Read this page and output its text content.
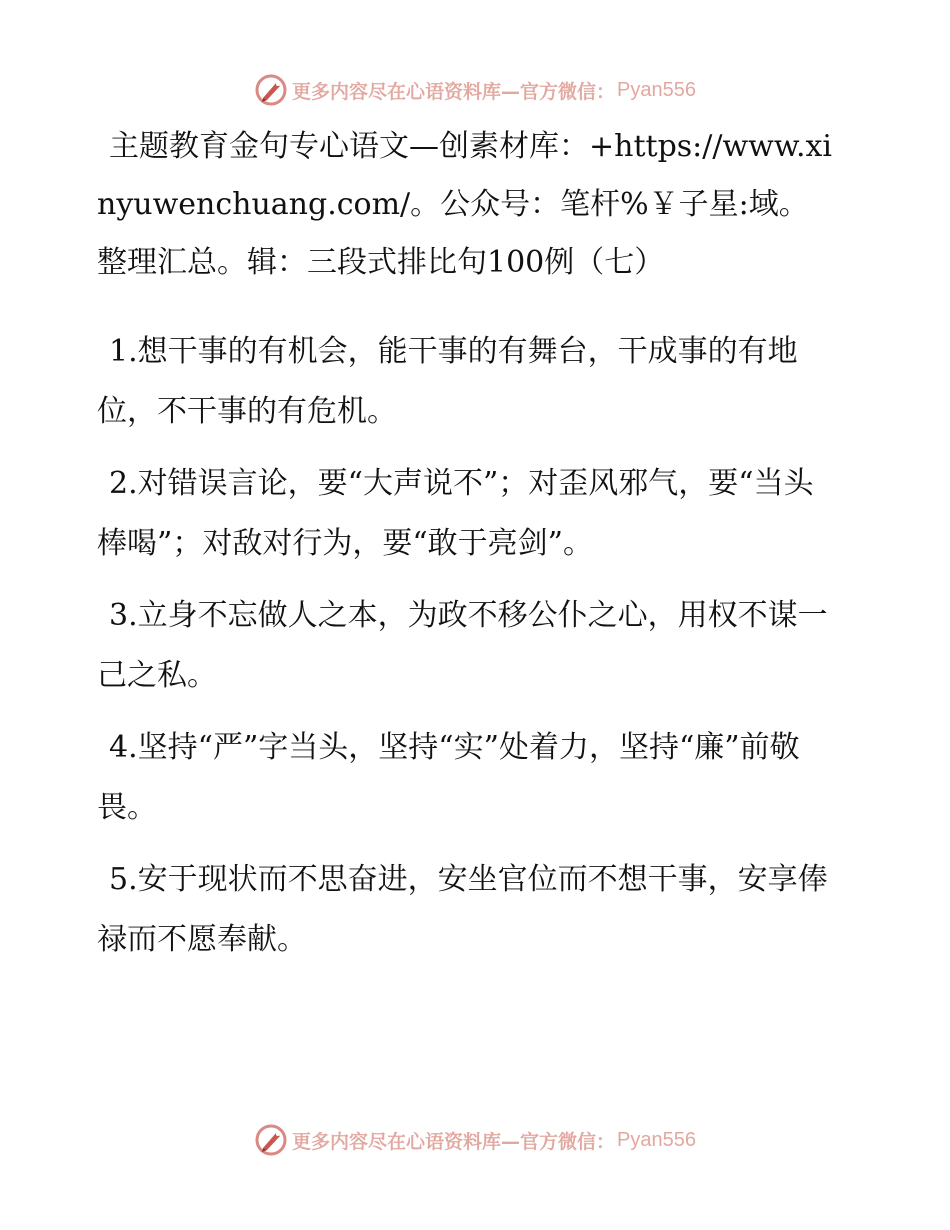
更多内容尽在心语资料库—官方微信： Pyan556

主题教育金句专心语文—创素材库：+https://www.xinyuwenchuang.com/。公众号：笔杆%￥子星:域。整理汇总。辑：三段式排比句100例（七）

1.想干事的有机会，能干事的有舞台，干成事的有地位，不干事的有危机。

2.对错误言论，要“大声说不”；对歪风邪气，要“当头棒喝”；对敌对行为，要“敢于亮剑”。

3.立身不忘做人之本，为政不移公仆之心，用权不谋一己之私。

4.坚持“严”字当头，坚持“实”处着力，坚持“廉”前敬畏。

5.安于现状而不思奋进，安坐官位而不想干事，安享俸禄而不愿奉献。

更多内容尽在心语资料库—官方微信： Pyan556
